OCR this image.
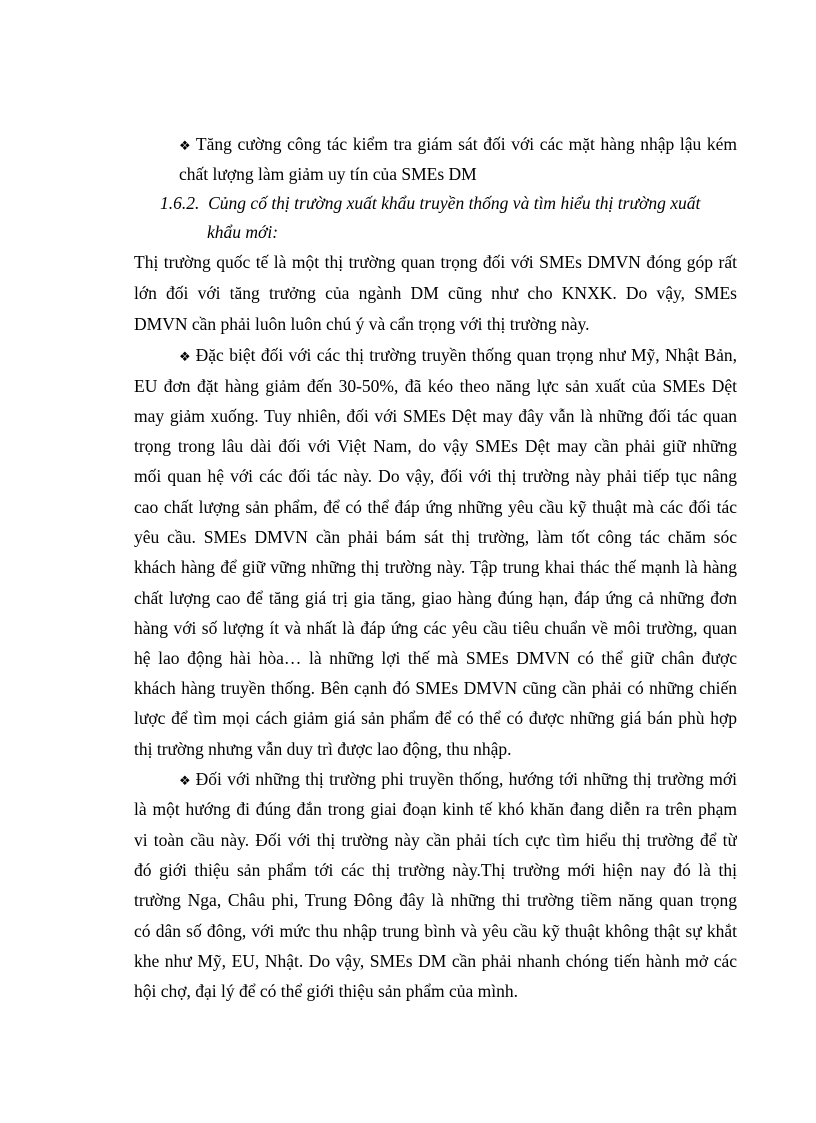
❖ Tăng cường công tác kiểm tra giám sát đối với các mặt hàng nhập lậu kém
chất lượng làm giảm uy tín của SMEs DM
1.6.2. Củng cố thị trường xuất khẩu truyền thống và tìm hiểu thị trường xuất
khẩu mới:
Thị trường quốc tế là một thị trường quan trọng đối với SMEs DMVN đóng góp rất
lớn đối với tăng trưởng của ngành DM cũng như cho KNXK. Do vậy, SMEs
DMVN cần phải luôn luôn chú ý và cẩn trọng với thị trường này.
❖ Đặc biệt đối với các thị trường truyền thống quan trọng như Mỹ, Nhật Bản,
EU đơn đặt hàng giảm đến 30-50%, đã kéo theo năng lực sản xuất của SMEs Dệt
may giảm xuống. Tuy nhiên, đối với SMEs Dệt may đây vẫn là những đối tác quan
trọng trong lâu dài đối với Việt Nam, do vậy SMEs Dệt may cần phải giữ những
mối quan hệ với các đối tác này. Do vậy, đối với thị trường này phải tiếp tục nâng
cao chất lượng sản phẩm, để có thể đáp ứng những yêu cầu kỹ thuật mà các đối tác
yêu cầu. SMEs DMVN cần phải bám sát thị trường, làm tốt công tác chăm sóc
khách hàng để giữ vững những thị trường này. Tập trung khai thác thế mạnh là hàng
chất lượng cao để tăng giá trị gia tăng, giao hàng đúng hạn, đáp ứng cả những đơn
hàng với số lượng ít và nhất là đáp ứng các yêu cầu tiêu chuẩn về môi trường, quan
hệ lao động hài hòa… là những lợi thế mà SMEs DMVN có thể giữ chân được
khách hàng truyền thống. Bên cạnh đó SMEs DMVN cũng cần phải có những chiến
lược để tìm mọi cách giảm giá sản phẩm để có thể có được những giá bán phù hợp
thị trường nhưng vẫn duy trì được lao động, thu nhập.
❖ Đối với những thị trường phi truyền thống, hướng tới những thị trường mới
là một hướng đi đúng đắn trong giai đoạn kinh tế khó khăn đang diễn ra trên phạm
vi toàn cầu này. Đối với thị trường này cần phải tích cực tìm hiểu thị trường để từ
đó giới thiệu sản phẩm tới các thị trường này.Thị trường mới hiện nay đó là thị
trường Nga, Châu phi, Trung Đông đây là những thi trường tiềm năng quan trọng
có dân số đông, với mức thu nhập trung bình và yêu cầu kỹ thuật không thật sự khắt
khe như Mỹ, EU, Nhật. Do vậy, SMEs DM cần phải nhanh chóng tiến hành mở các
hội chợ, đại lý để có thể giới thiệu sản phẩm của mình.
